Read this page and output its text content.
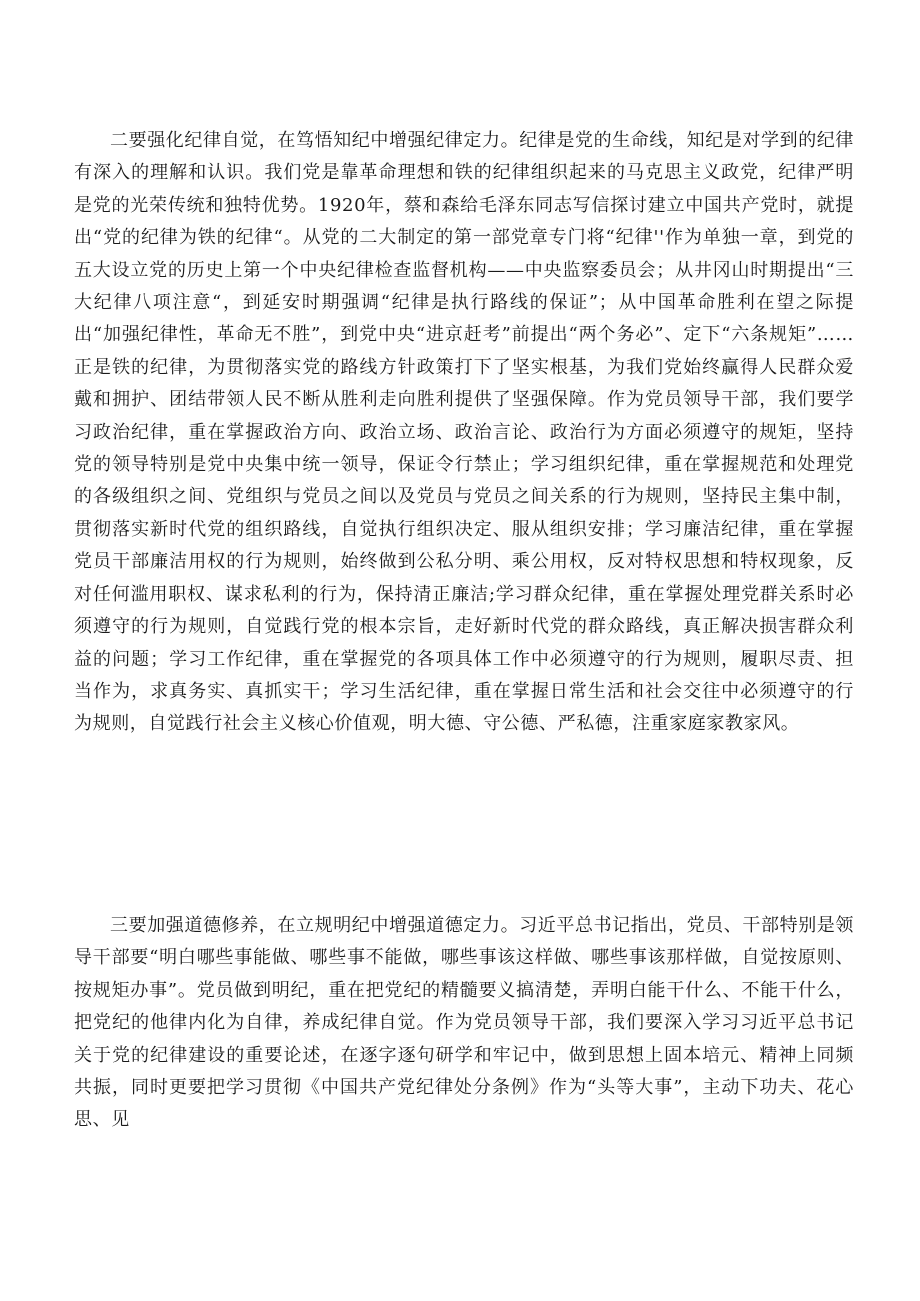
二要强化纪律自觉，在笃悟知纪中增强纪律定力。纪律是党的生命线，知纪是对学到的纪律有深入的理解和认识。我们党是靠革命理想和铁的纪律组织起来的马克思主义政党，纪律严明是党的光荣传统和独特优势。1920年，蔡和森给毛泽东同志写信探讨建立中国共产党时，就提出“党的纪律为铁的纪律“。从党的二大制定的第一部党章专门将“纪律''作为单独一章，到党的五大设立党的历史上第一个中央纪律检查监督机构——中央监察委员会；从井冈山时期提出“三大纪律八项注意“，到延安时期强调“纪律是执行路线的保证”；从中国革命胜利在望之际提出“加强纪律性，革命无不胜”，到党中央“进京赶考”前提出“两个务必”、定下“六条规矩”……正是铁的纪律，为贯彻落实党的路线方针政策打下了坚实根基，为我们党始终赢得人民群众爱戴和拥护、团结带领人民不断从胜利走向胜利提供了坚强保障。作为党员领导干部，我们要学习政治纪律，重在掌握政治方向、政治立场、政治言论、政治行为方面必须遵守的规矩，坚持党的领导特别是党中央集中统一领导，保证令行禁止；学习组织纪律，重在掌握规范和处理党的各级组织之间、党组织与党员之间以及党员与党员之间关系的行为规则，坚持民主集中制，贯彻落实新时代党的组织路线，自觉执行组织决定、服从组织安排；学习廉洁纪律，重在掌握党员干部廉洁用权的行为规则，始终做到公私分明、乘公用权，反对特权思想和特权现象，反对任何滥用职权、谋求私利的行为，保持清正廉洁;学习群众纪律，重在掌握处理党群关系时必须遵守的行为规则，自觉践行党的根本宗旨，走好新时代党的群众路线，真正解决损害群众利益的问题；学习工作纪律，重在掌握党的各项具体工作中必须遵守的行为规则，履职尽责、担当作为，求真务实、真抓实干；学习生活纪律，重在掌握日常生活和社会交往中必须遵守的行为规则，自觉践行社会主义核心价值观，明大德、守公德、严私德，注重家庭家教家风。

三要加强道德修养，在立规明纪中增强道德定力。习近平总书记指出，党员、干部特别是领导干部要“明白哪些事能做、哪些事不能做，哪些事该这样做、哪些事该那样做，自觉按原则、按规矩办事”。党员做到明纪，重在把党纪的精髓要义搞清楚，弄明白能干什么、不能干什么，把党纪的他律内化为自律，养成纪律自觉。作为党员领导干部，我们要深入学习习近平总书记关于党的纪律建设的重要论述，在逐字逐句研学和牢记中，做到思想上固本培元、精神上同频共振，同时更要把学习贯彻《中国共产党纪律处分条例》作为“头等大事”，主动下功夫、花心思、见
